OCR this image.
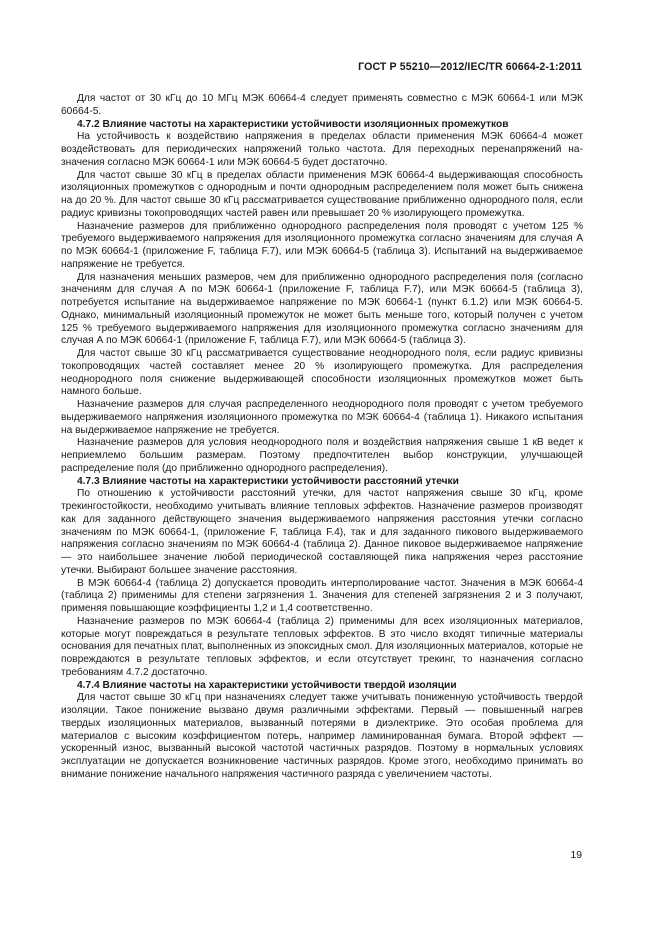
ГОСТ Р 55210—2012/IEC/TR 60664-2-1:2011

Для частот от 30 кГц до 10 МГц МЭК 60664-4 следует применять совместно с МЭК 60664-1 или МЭК 60664-5.

4.7.2 Влияние частоты на характеристики устойчивости изоляционных промежутков

На устойчивость к воздействию напряжения в пределах области применения МЭК 60664-4 может воздействовать для периодических напряжений только частота. Для переходных перенапряжений назначения согласно МЭК 60664-1 или МЭК 60664-5 будет достаточно.

Для частот свыше 30 кГц в пределах области применения МЭК 60664-4 выдерживающая способность изоляционных промежутков с однородным и почти однородным распределением поля может быть снижена на до 20 %. Для частот свыше 30 кГц рассматривается существование приближенно однородного поля, если радиус кривизны токопроводящих частей равен или превышает 20 % изолирующего промежутка.

Назначение размеров для приближенно однородного распределения поля проводят с учетом 125 % требуемого выдерживаемого напряжения для изоляционного промежутка согласно значениям для случая А по МЭК 60664-1 (приложение F, таблица F.7), или МЭК 60664-5 (таблица 3). Испытаний на выдерживаемое напряжение не требуется.

Для назначения меньших размеров, чем для приближенно однородного распределения поля (согласно значениям для случая А по МЭК 60664-1 (приложение F, таблица F.7), или МЭК 60664-5 (таблица 3), потребуется испытание на выдерживаемое напряжение по МЭК 60664-1 (пункт 6.1.2) или МЭК 60664-5. Однако, минимальный изоляционный промежуток не может быть меньше того, который получен с учетом 125 % требуемого выдерживаемого напряжения для изоляционного промежутка согласно значениям для случая А по МЭК 60664-1 (приложение F, таблица F.7), или МЭК 60664-5 (таблица 3).

Для частот свыше 30 кГц рассматривается существование неоднородного поля, если радиус кривизны токопроводящих частей составляет менее 20 % изолирующего промежутка. Для распределения неоднородного поля снижение выдерживающей способности изоляционных промежутков может быть намного больше.

Назначение размеров для случая распределенного неоднородного поля проводят с учетом требуемого выдерживаемого напряжения изоляционного промежутка по МЭК 60664-4 (таблица 1). Никакого испытания на выдерживаемое напряжение не требуется.

Назначение размеров для условия неоднородного поля и воздействия напряжения свыше 1 кВ ведет к неприемлемо большим размерам. Поэтому предпочтителен выбор конструкции, улучшающей распределение поля (до приближенно однородного распределения).

4.7.3 Влияние частоты на характеристики устойчивости расстояний утечки

По отношению к устойчивости расстояний утечки, для частот напряжения свыше 30 кГц, кроме трекингостойкости, необходимо учитывать влияние тепловых эффектов. Назначение размеров производят как для заданного действующего значения выдерживаемого напряжения расстояния утечки согласно значениям по МЭК 60664-1, (приложение F, таблица F.4), так и для заданного пикового выдерживаемого напряжения согласно значениям по МЭК 60664-4 (таблица 2). Данное пиковое выдерживаемое напряжение — это наибольшее значение любой периодической составляющей пика напряжения через расстояние утечки. Выбирают большее значение расстояния.

В МЭК 60664-4 (таблица 2) допускается проводить интерполирование частот. Значения в МЭК 60664-4 (таблица 2) применимы для степени загрязнения 1. Значения для степеней загрязнения 2 и 3 получают, применяя повышающие коэффициенты 1,2 и 1,4 соответственно.

Назначение размеров по МЭК 60664-4 (таблица 2) применимы для всех изоляционных материалов, которые могут повреждаться в результате тепловых эффектов. В это число входят типичные материалы основания для печатных плат, выполненных из эпоксидных смол. Для изоляционных материалов, которые не повреждаются в результате тепловых эффектов, и если отсутствует трекинг, то назначения согласно требованиям 4.7.2 достаточно.

4.7.4 Влияние частоты на характеристики устойчивости твердой изоляции

Для частот свыше 30 кГц при назначениях следует также учитывать пониженную устойчивость твердой изоляции. Такое понижение вызвано двумя различными эффектами. Первый — повышенный нагрев твердых изоляционных материалов, вызванный потерями в диэлектрике. Это особая проблема для материалов с высоким коэффициентом потерь, например ламинированная бумага. Второй эффект — ускоренный износ, вызванный высокой частотой частичных разрядов. Поэтому в нормальных условиях эксплуатации не допускается возникновение частичных разрядов. Кроме этого, необходимо принимать во внимание понижение начального напряжения частичного разряда с увеличением частоты.

19
